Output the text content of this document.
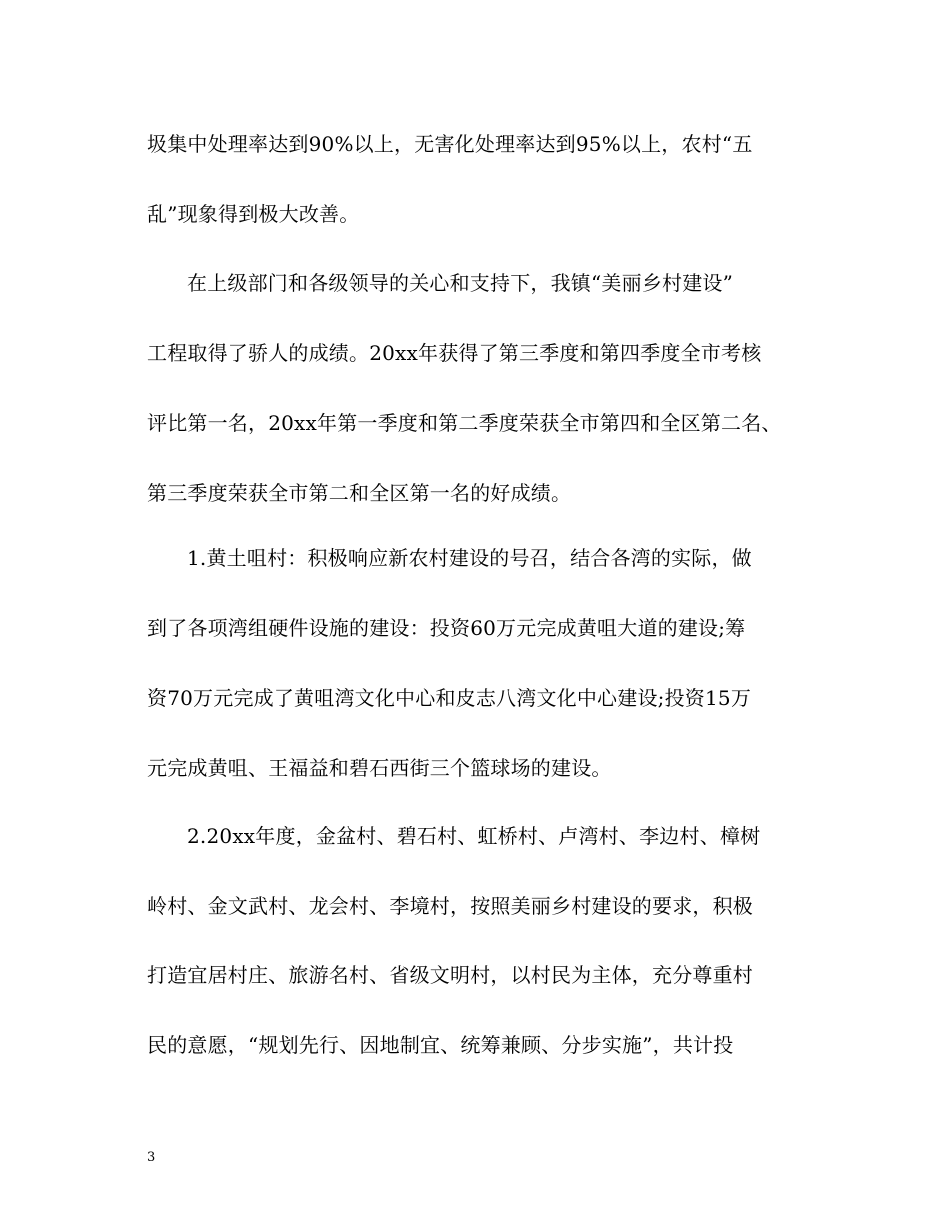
圾集中处理率达到90%以上，无害化处理率达到95%以上，农村“五
乱”现象得到极大改善。
在上级部门和各级领导的关心和支持下，我镇“美丽乡村建设”
工程取得了骄人的成绩。20xx年获得了第三季度和第四季度全市考核
评比第一名，20xx年第一季度和第二季度荣获全市第四和全区第二名、
第三季度荣获全市第二和全区第一名的好成绩。
1.黄土咀村：积极响应新农村建设的号召，结合各湾的实际，做
到了各项湾组硬件设施的建设：投资60万元完成黄咀大道的建设;筹
资70万元完成了黄咀湾文化中心和皮志八湾文化中心建设;投资15万
元完成黄咀、王福益和碧石西街三个篮球场的建设。
2.20xx年度，金盆村、碧石村、虹桥村、卢湾村、李边村、樟树
岭村、金文武村、龙会村、李境村，按照美丽乡村建设的要求，积极
打造宜居村庄、旅游名村、省级文明村，以村民为主体，充分尊重村
民的意愿，“规划先行、因地制宜、统筹兼顾、分步实施”，共计投
3
